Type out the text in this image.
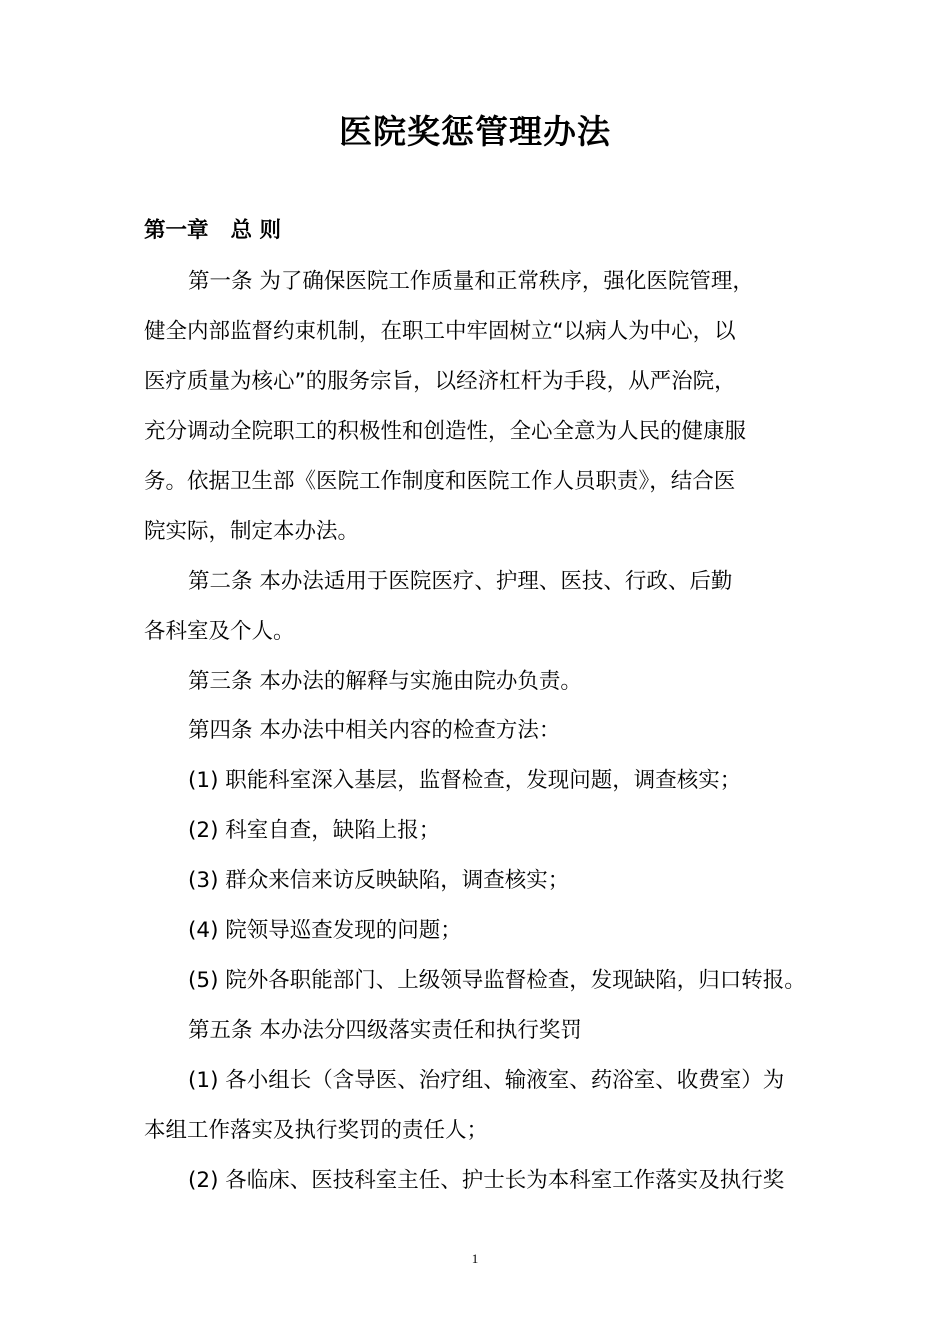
医院奖惩管理办法
第一章 总 则
第一条 为了确保医院工作质量和正常秩序，强化医院管理，
健全内部监督约束机制，在职工中牢固树立“以病人为中心，以
医疗质量为核心”的服务宗旨，以经济杠杆为手段，从严治院，
充分调动全院职工的积极性和创造性，全心全意为人民的健康服
务。依据卫生部《医院工作制度和医院工作人员职责》，结合医
院实际，制定本办法。
第二条 本办法适用于医院医疗、护理、医技、行政、后勤
各科室及个人。
第三条 本办法的解释与实施由院办负责。
第四条 本办法中相关内容的检查方法：
(1) 职能科室深入基层，监督检查，发现问题，调查核实；
(2) 科室自查，缺陷上报；
(3) 群众来信来访反映缺陷，调查核实；
(4) 院领导巡查发现的问题；
(5) 院外各职能部门、上级领导监督检查，发现缺陷，归口转报。
第五条 本办法分四级落实责任和执行奖罚
(1) 各小组长（含导医、治疗组、输液室、药浴室、收费室）为
本组工作落实及执行奖罚的责任人；
(2) 各临床、医技科室主任、护士长为本科室工作落实及执行奖
1
